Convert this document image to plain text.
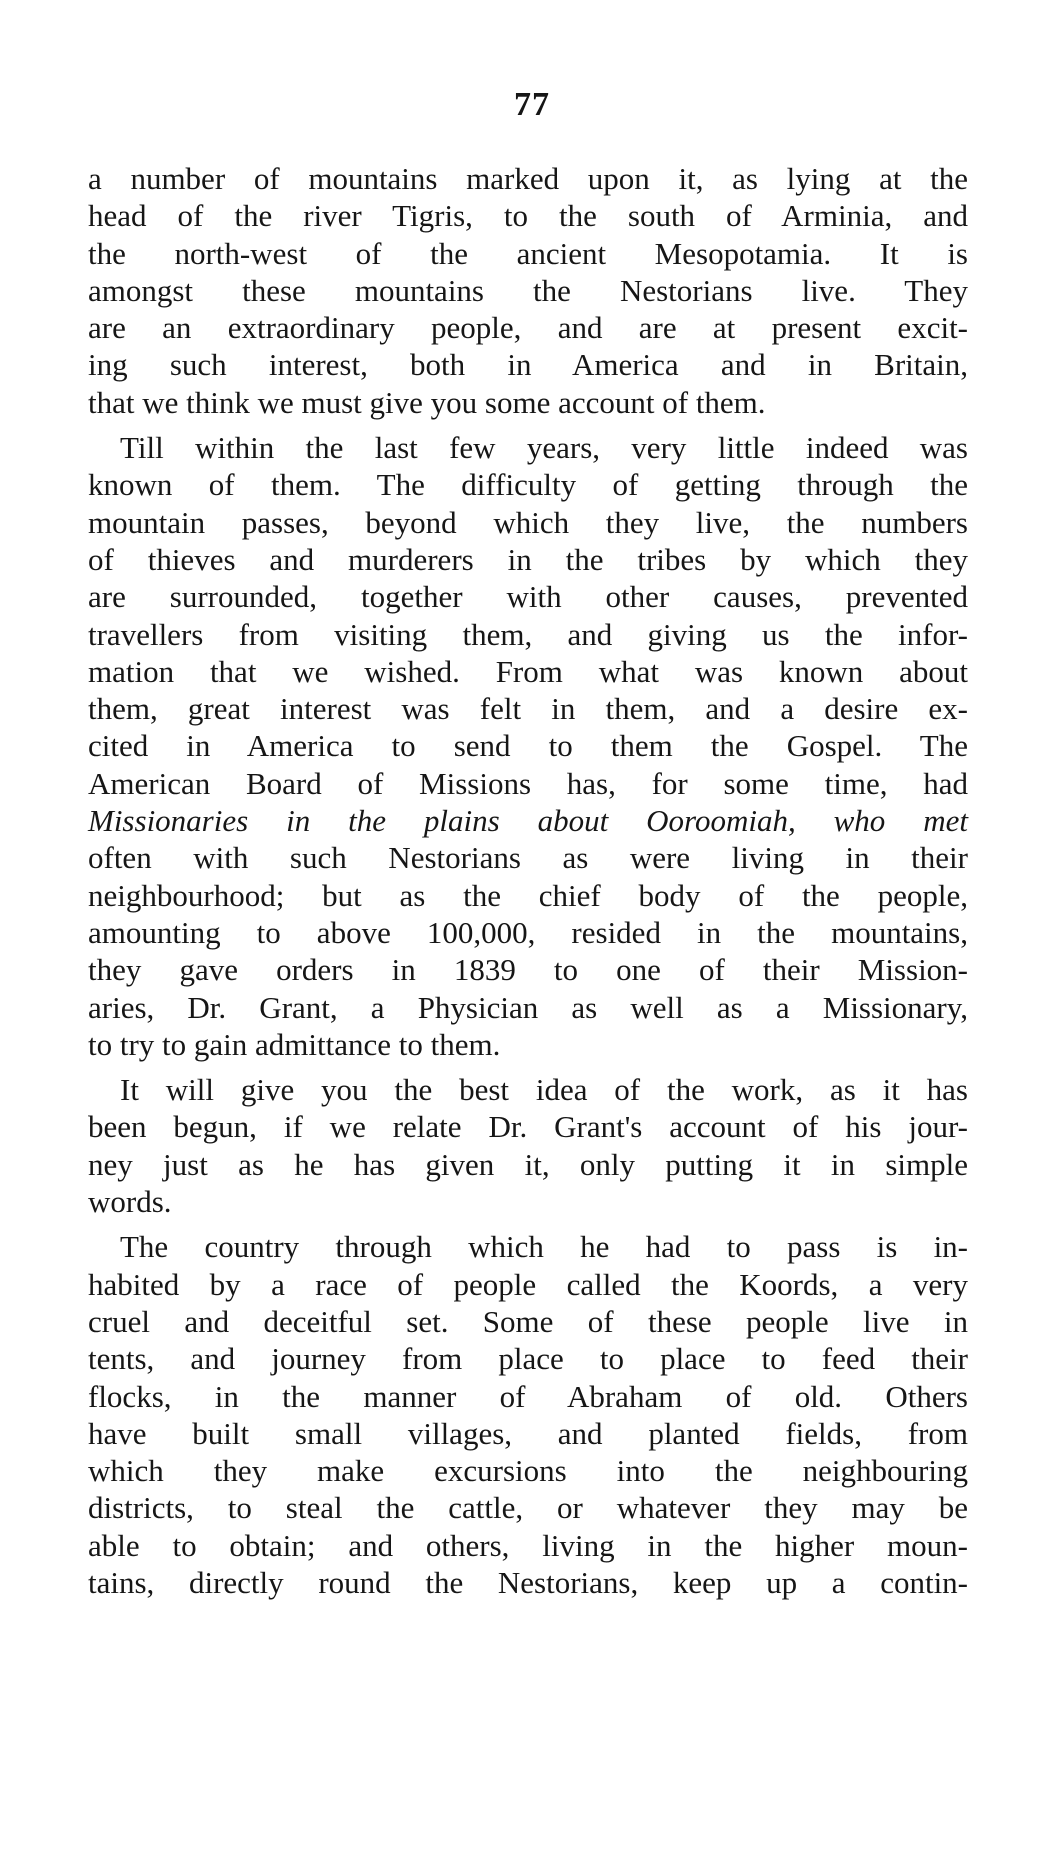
77
a number of mountains marked upon it, as lying at the
head of the river Tigris, to the south of Arminia, and
the north-west of the ancient Mesopotamia. It is
amongst these mountains the Nestorians live. They
are an extraordinary people, and are at present excit-
ing such interest, both in America and in Britain,
that we think we must give you some account of them.
Till within the last few years, very little indeed was
known of them. The difficulty of getting through the
mountain passes, beyond which they live, the numbers
of thieves and murderers in the tribes by which they
are surrounded, together with other causes, prevented
travellers from visiting them, and giving us the infor-
mation that we wished. From what was known about
them, great interest was felt in them, and a desire ex-
cited in America to send to them the Gospel. The
American Board of Missions has, for some time, had
Missionaries in the plains about Ooroomiah, who met
often with such Nestorians as were living in their
neighbourhood; but as the chief body of the people,
amounting to above 100,000, resided in the mountains,
they gave orders in 1839 to one of their Mission-
aries, Dr. Grant, a Physician as well as a Missionary,
to try to gain admittance to them.
It will give you the best idea of the work, as it has
been begun, if we relate Dr. Grant's account of his jour-
ney just as he has given it, only putting it in simple
words.
The country through which he had to pass is in-
habited by a race of people called the Koords, a very
cruel and deceitful set. Some of these people live in
tents, and journey from place to place to feed their
flocks, in the manner of Abraham of old. Others
have built small villages, and planted fields, from
which they make excursions into the neighbouring
districts, to steal the cattle, or whatever they may be
able to obtain; and others, living in the higher moun-
tains, directly round the Nestorians, keep up a contin-
